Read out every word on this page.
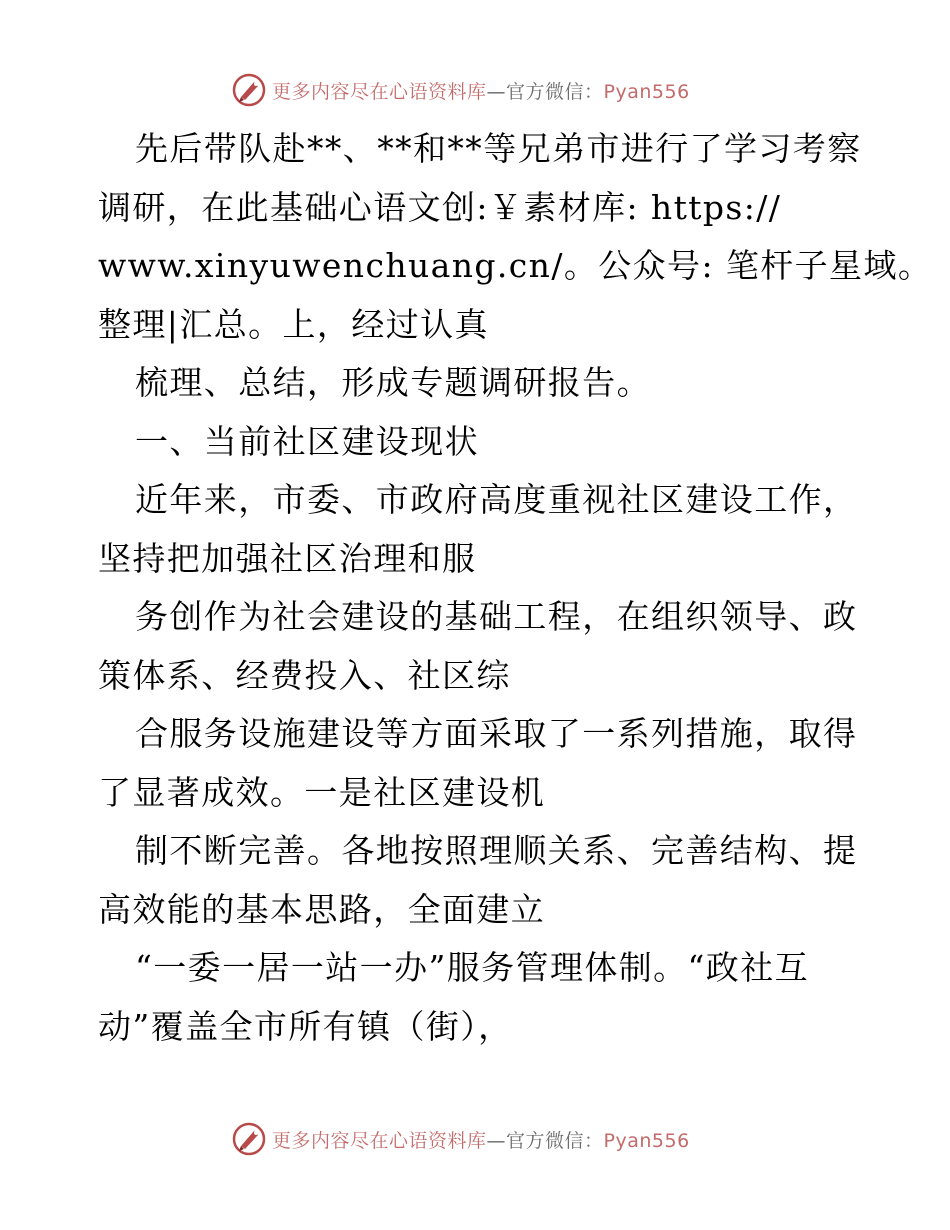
更多内容尽在心语资料库—官方微信：Pyan556
先后带队赴**、**和**等兄弟市进行了学习考察
调研，在此基础心语文创:￥素材库: https://
www.xinyuwenchuang.cn/。公众号: 笔杆子星域。
整理|汇总。上，经过认真
梳理、总结，形成专题调研报告。
一、当前社区建设现状
近年来，市委、市政府高度重视社区建设工作，
坚持把加强社区治理和服
务创作为社会建设的基础工程，在组织领导、政
策体系、经费投入、社区综
合服务设施建设等方面采取了一系列措施，取得
了显著成效。一是社区建设机
制不断完善。各地按照理顺关系、完善结构、提
高效能的基本思路，全面建立
“一委一居一站一办”服务管理体制。“政社互
动”覆盖全市所有镇（街），
更多内容尽在心语资料库—官方微信：Pyan556
